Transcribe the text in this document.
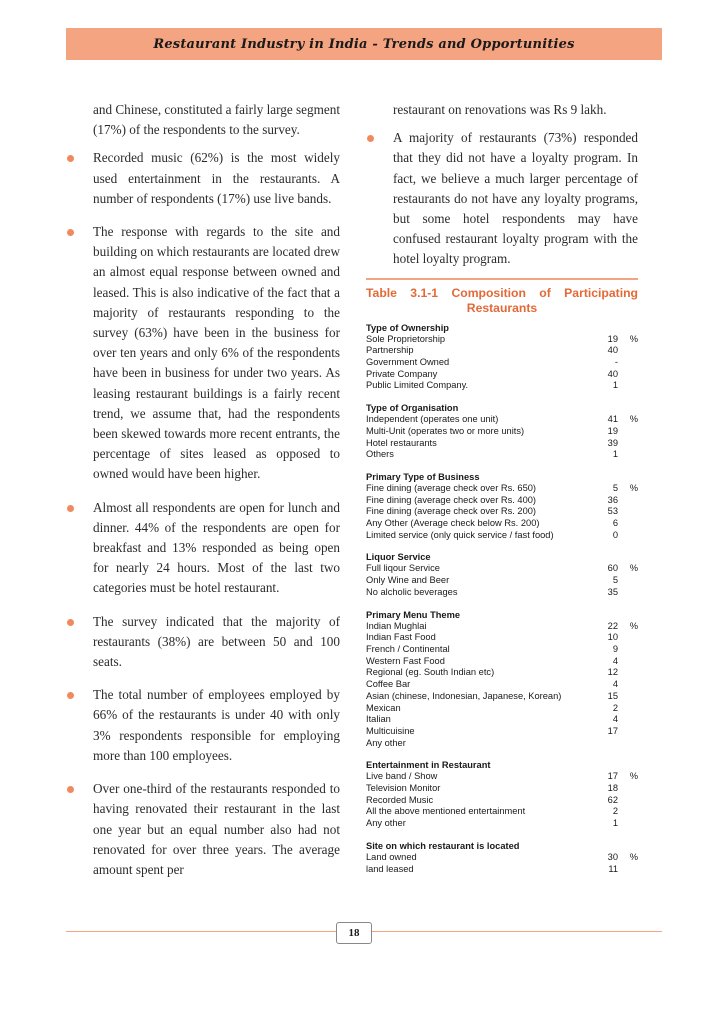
Restaurant Industry in India - Trends and Opportunities

and Chinese, constituted a fairly large segment (17%) of the respondents to the survey.

Recorded music (62%) is the most widely used entertainment in the restaurants. A number of respondents (17%) use live bands.

The response with regards to the site and building on which restaurants are located drew an almost equal response between owned and leased. This is also indicative of the fact that a majority of restaurants responding to the survey (63%) have been in the business for over ten years and only 6% of the respondents have been in business for under two years. As leasing restaurant buildings is a fairly recent trend, we assume that, had the respondents been skewed towards more recent entrants, the percentage of sites leased as opposed to owned would have been higher.

Almost all respondents are open for lunch and dinner. 44% of the respondents are open for breakfast and 13% responded as being open for nearly 24 hours. Most of the last two categories must be hotel restaurant.

The survey indicated that the majority of restaurants (38%) are between 50 and 100 seats.

The total number of employees employed by 66% of the restaurants is under 40 with only 3% respondents responsible for employing more than 100 employees.

Over one-third of the restaurants responded to having renovated their restaurant in the last one year but an equal number also had not renovated for over three years. The average amount spent per

restaurant on renovations was Rs 9 lakh.

A majority of restaurants (73%) responded that they did not have a loyalty program. In fact, we believe a much larger percentage of restaurants do not have any loyalty programs, but some hotel respondents may have confused restaurant loyalty program with the hotel loyalty program.

Table 3.1-1 Composition of Participating
Restaurants
Type of Ownership
Sole Proprietorship	19	%
Partnership	40
Government Owned	-
Private Company	40
Public Limited Company.	1
Type of Organisation
Independent (operates one unit)	41	%
Multi-Unit (operates two or more units)	19
Hotel restaurants	39
Others	1
Primary Type of Business
Fine dining (average check over Rs. 650)	5	%
Fine dining (average check over Rs. 400)	36
Fine dining (average check over Rs. 200)	53
Any Other (Average check below Rs. 200)	6
Limited service (only quick service / fast food)	0
Liquor Service
Full liqour Service	60	%
Only Wine and Beer	5
No alcholic beverages	35
Primary Menu Theme
Indian Mughlai	22	%
Indian Fast Food	10
French / Continental	9
Western Fast Food	4
Regional (eg. South Indian etc)	12
Coffee Bar	4
Asian (chinese, Indonesian, Japanese, Korean)	15
Mexican	2
Italian	4
Multicuisine	17
Any other
Entertainment in Restaurant
Live band / Show	17	%
Television Monitor	18
Recorded Music	62
All the above mentioned entertainment	2
Any other	1
Site on which restaurant is located
Land owned	30	%
land leased	11
18
